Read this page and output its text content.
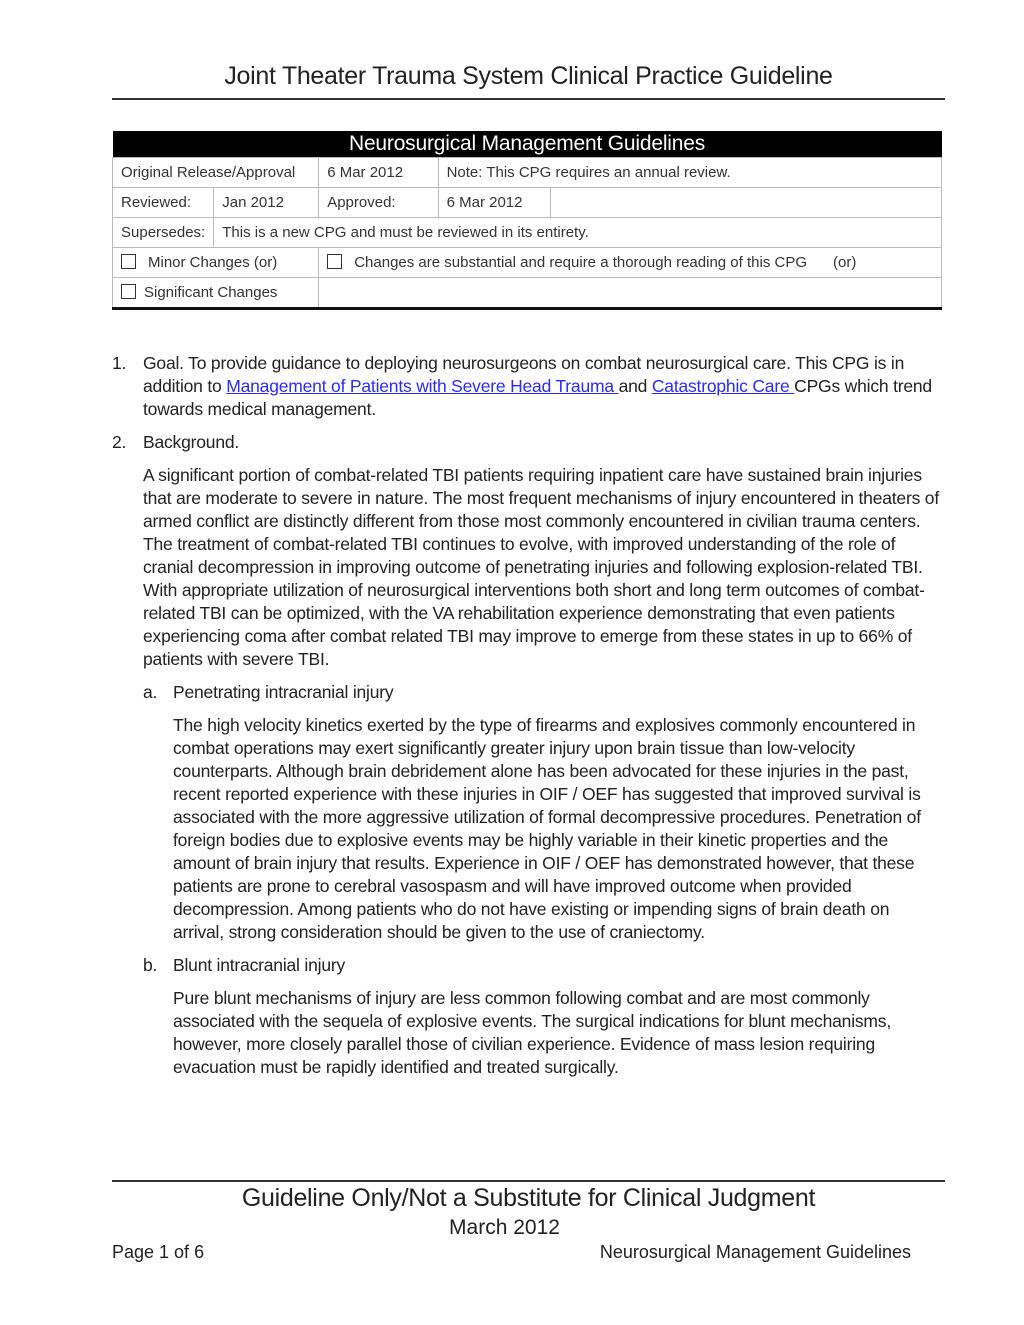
Joint Theater Trauma System Clinical Practice Guideline
Neurosurgical Management Guidelines				
Original Release/Approval		6 Mar 2012	Note: This CPG requires an annual review.	
Reviewed:	Jan 2012	Approved:	6 Mar 2012	
Supersedes:	This is a new CPG and must be reviewed in its entirety.			
Minor Changes (or)		Changes are substantial and require a thorough reading of this CPG (or)		
Significant Changes				
1. Goal. To provide guidance to deploying neurosurgeons on combat neurosurgical care. This CPG is in addition to Management of Patients with Severe Head Trauma and Catastrophic Care CPGs which trend towards medical management.
2. Background.
A significant portion of combat-related TBI patients requiring inpatient care have sustained brain injuries that are moderate to severe in nature. The most frequent mechanisms of injury encountered in theaters of armed conflict are distinctly different from those most commonly encountered in civilian trauma centers. The treatment of combat-related TBI continues to evolve, with improved understanding of the role of cranial decompression in improving outcome of penetrating injuries and following explosion-related TBI. With appropriate utilization of neurosurgical interventions both short and long term outcomes of combat-related TBI can be optimized, with the VA rehabilitation experience demonstrating that even patients experiencing coma after combat related TBI may improve to emerge from these states in up to 66% of patients with severe TBI.
a. Penetrating intracranial injury
The high velocity kinetics exerted by the type of firearms and explosives commonly encountered in combat operations may exert significantly greater injury upon brain tissue than low-velocity counterparts. Although brain debridement alone has been advocated for these injuries in the past, recent reported experience with these injuries in OIF / OEF has suggested that improved survival is associated with the more aggressive utilization of formal decompressive procedures. Penetration of foreign bodies due to explosive events may be highly variable in their kinetic properties and the amount of brain injury that results. Experience in OIF / OEF has demonstrated however, that these patients are prone to cerebral vasospasm and will have improved outcome when provided decompression. Among patients who do not have existing or impending signs of brain death on arrival, strong consideration should be given to the use of craniectomy.
b. Blunt intracranial injury
Pure blunt mechanisms of injury are less common following combat and are most commonly associated with the sequela of explosive events. The surgical indications for blunt mechanisms, however, more closely parallel those of civilian experience. Evidence of mass lesion requiring evacuation must be rapidly identified and treated surgically.
Guideline Only/Not a Substitute for Clinical Judgment
March 2012
Page 1 of 6	Neurosurgical Management Guidelines
